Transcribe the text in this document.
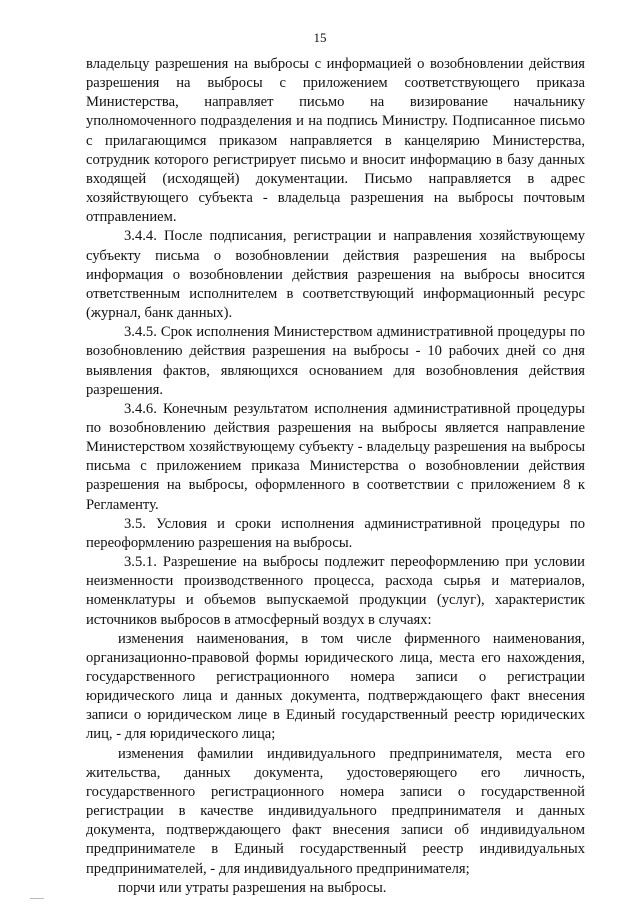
15

владельцу разрешения на выбросы с информацией о возобновлении действия разрешения на выбросы с приложением соответствующего приказа Министерства, направляет письмо на визирование начальнику уполномоченного подразделения и на подпись Министру. Подписанное письмо с прилагающимся приказом направляется в канцелярию Министерства, сотрудник которого регистрирует письмо и вносит информацию в базу данных входящей (исходящей) документации. Письмо направляется в адрес хозяйствующего субъекта - владельца разрешения на выбросы почтовым отправлением.

3.4.4. После подписания, регистрации и направления хозяйствующему субъекту письма о возобновлении действия разрешения на выбросы информация о возобновлении действия разрешения на выбросы вносится ответственным исполнителем в соответствующий информационный ресурс (журнал, банк данных).

3.4.5. Срок исполнения Министерством административной процедуры по возобновлению действия разрешения на выбросы - 10 рабочих дней со дня выявления фактов, являющихся основанием для возобновления действия разрешения.

3.4.6. Конечным результатом исполнения административной процедуры по возобновлению действия разрешения на выбросы является направление Министерством хозяйствующему субъекту - владельцу разрешения на выбросы письма с приложением приказа Министерства о возобновлении действия разрешения на выбросы, оформленного в соответствии с приложением 8 к Регламенту.

3.5. Условия и сроки исполнения административной процедуры по переоформлению разрешения на выбросы.

3.5.1. Разрешение на выбросы подлежит переоформлению при условии неизменности производственного процесса, расхода сырья и материалов, номенклатуры и объемов выпускаемой продукции (услуг), характеристик источников выбросов в атмосферный воздух в случаях:

изменения наименования, в том числе фирменного наименования, организационно-правовой формы юридического лица, места его нахождения, государственного регистрационного номера записи о регистрации юридического лица и данных документа, подтверждающего факт внесения записи о юридическом лице в Единый государственный реестр юридических лиц, - для юридического лица;

изменения фамилии индивидуального предпринимателя, места его жительства, данных документа, удостоверяющего его личность, государственного регистрационного номера записи о государственной регистрации в качестве индивидуального предпринимателя и данных документа, подтверждающего факт внесения записи об индивидуальном предпринимателе в Единый государственный реестр индивидуальных предпринимателей, - для индивидуального предпринимателя;

порчи или утраты разрешения на выбросы.
